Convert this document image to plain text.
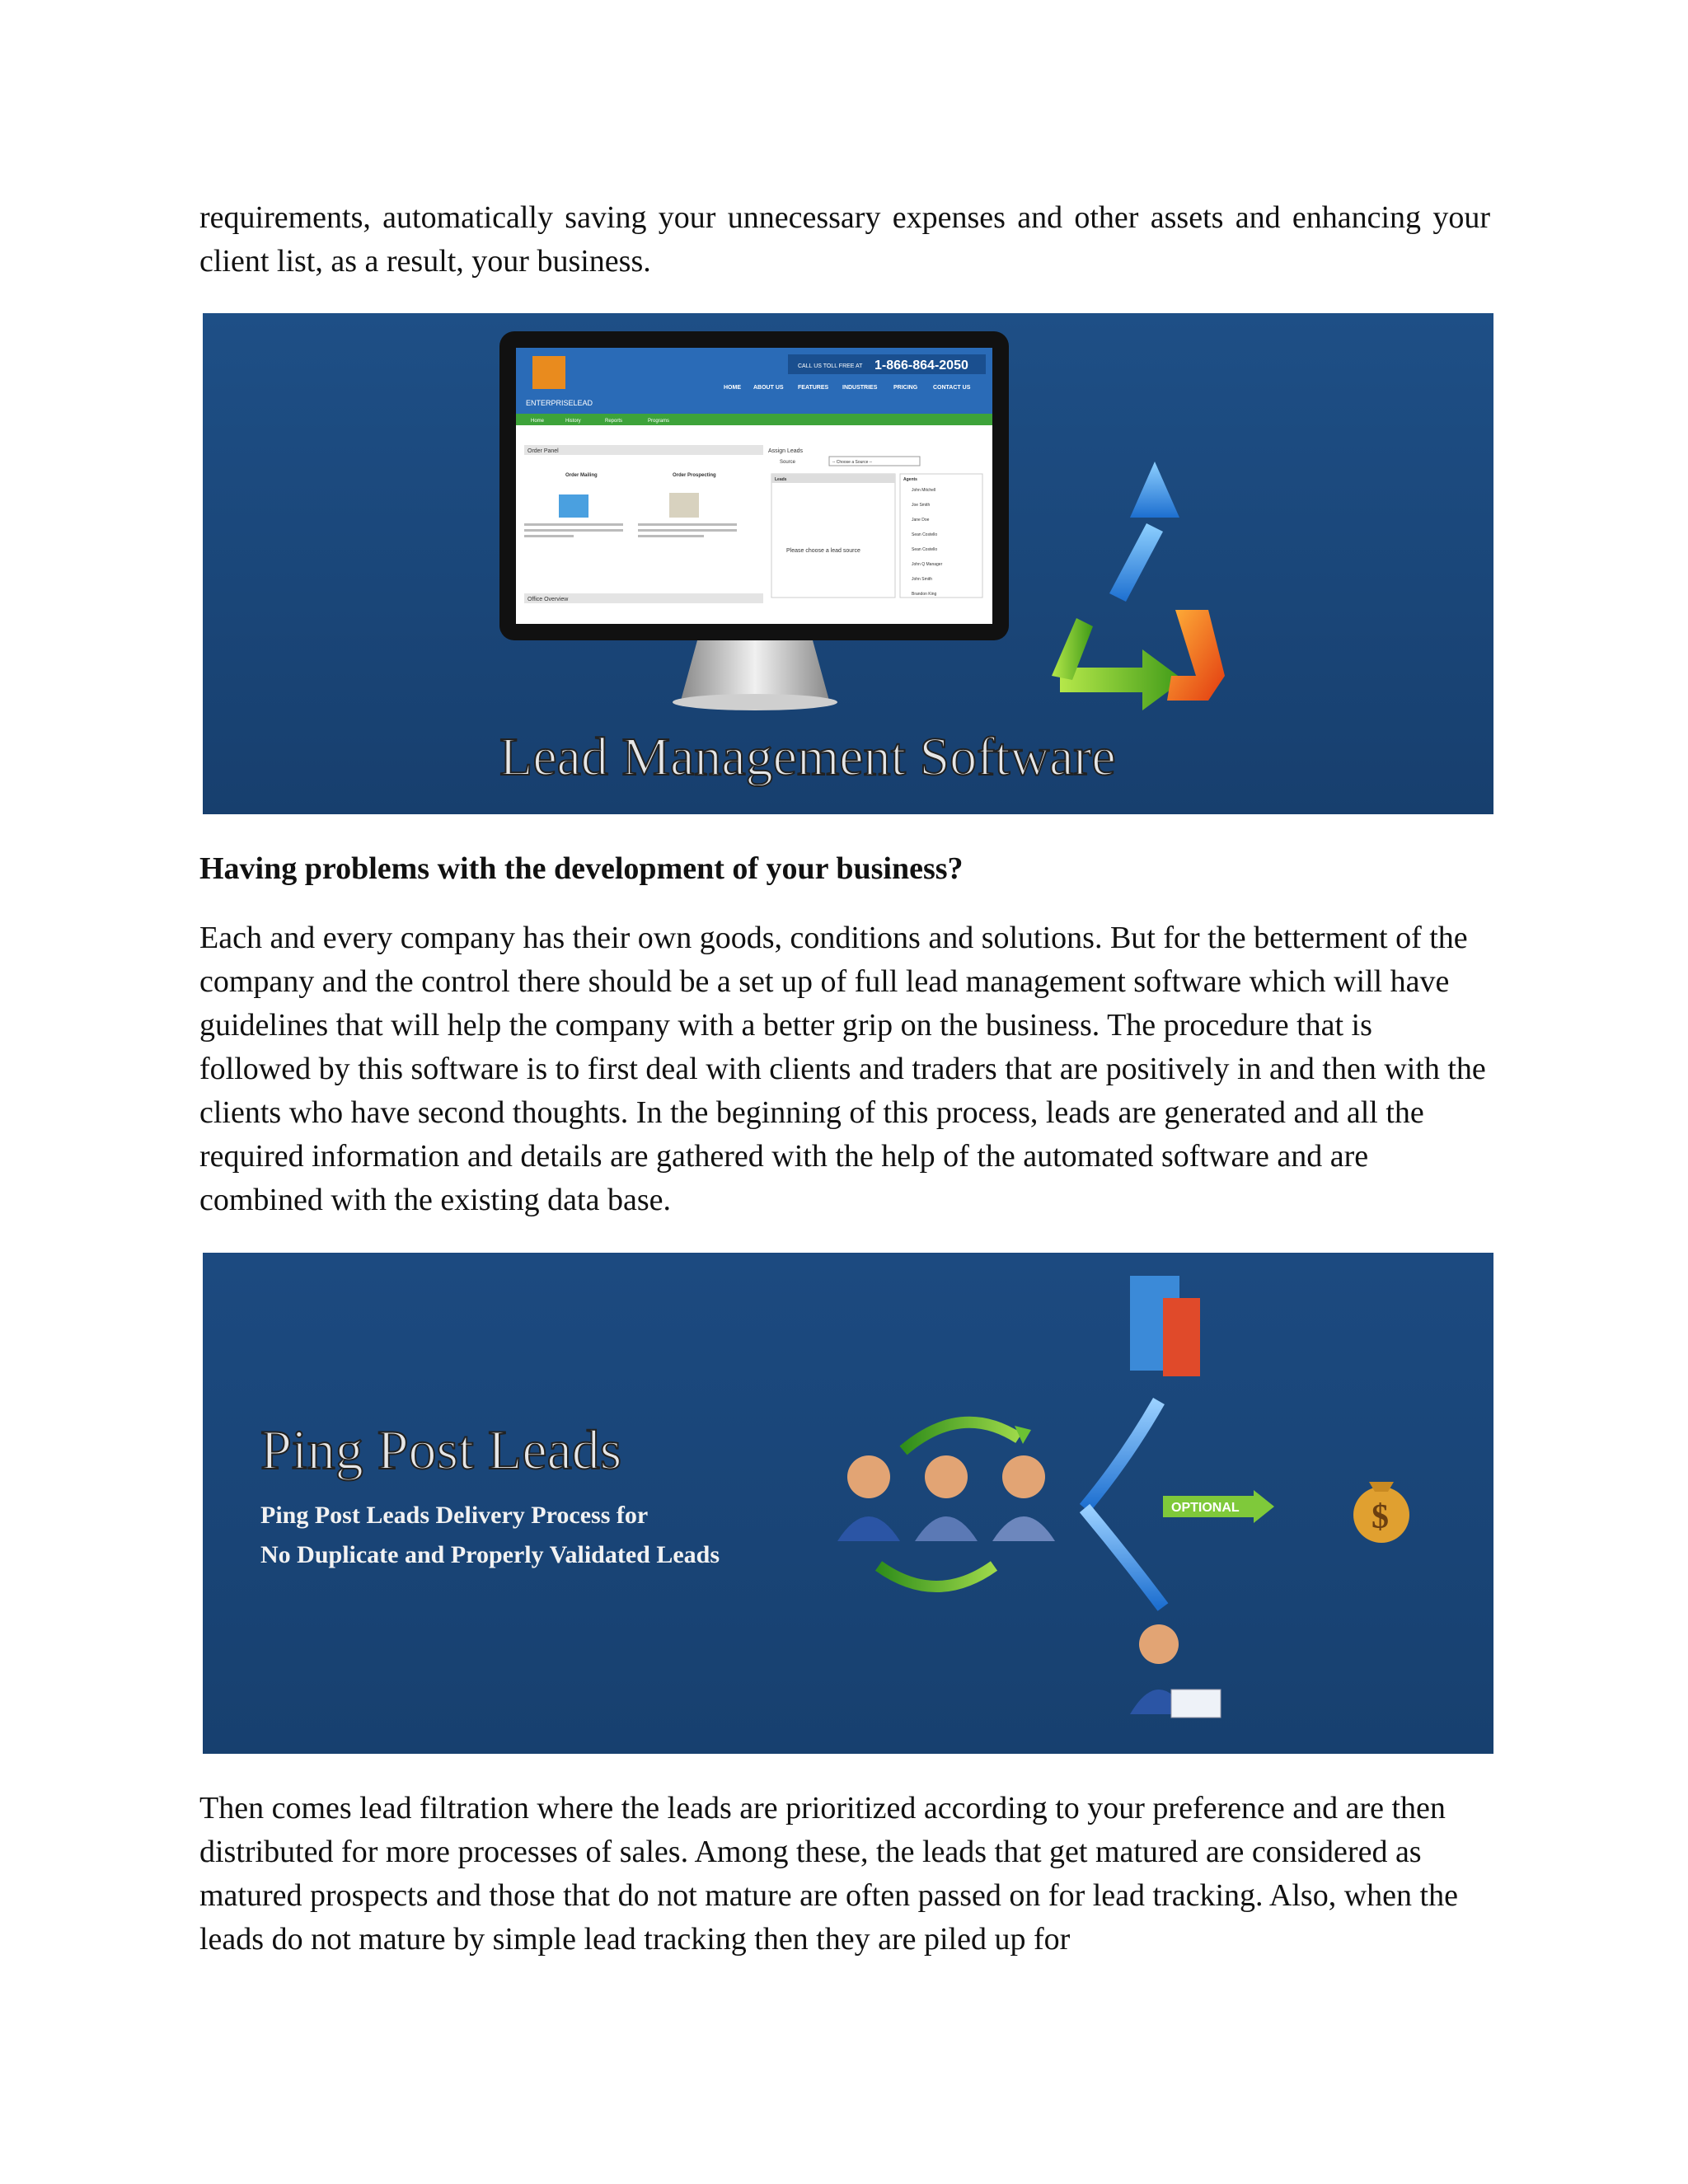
requirements, automatically saving your unnecessary expenses and other assets and enhancing your client list, as a result, your business.

ENTERPRISELEAD
CALL US TOLL FREE AT 1-866-864-2050
HOME ABOUT US FEATURES INDUSTRIES	PRICING	CONTACT US
Home	History	Reports	Programs
Order Panel
Order Mailing	Order Prospecting
Office Overview
Assign Leads
Source	-- Choose a Source --
Leads
Please choose a lead source
Agents
John Mitchell
Joe Smith
Jane Doe
Sean Costello
Sean Costello
John Q Manager
John Smith
Brandon King
Lead Management Software
Having problems with the development of your business?

Each and every company has their own goods, conditions and solutions. But for the betterment of the company and the control there should be a set up of full lead management software which will have guidelines that will help the company with a better grip on the business. The procedure that is followed by this software is to first deal with clients and traders that are positively in and then with the clients who have second thoughts. In the beginning of this process, leads are generated and all the required information and details are gathered with the help of the automated software and are combined with the existing data base.

Ping Post Leads
Ping Post Leads Delivery Process for
No Duplicate and Properly Validated Leads
OPTIONAL	$

Then comes lead filtration where the leads are prioritized according to your preference and are then distributed for more processes of sales. Among these, the leads that get matured are considered as matured prospects and those that do not mature are often passed on for lead tracking. Also, when the leads do not mature by simple lead tracking then they are piled up for
